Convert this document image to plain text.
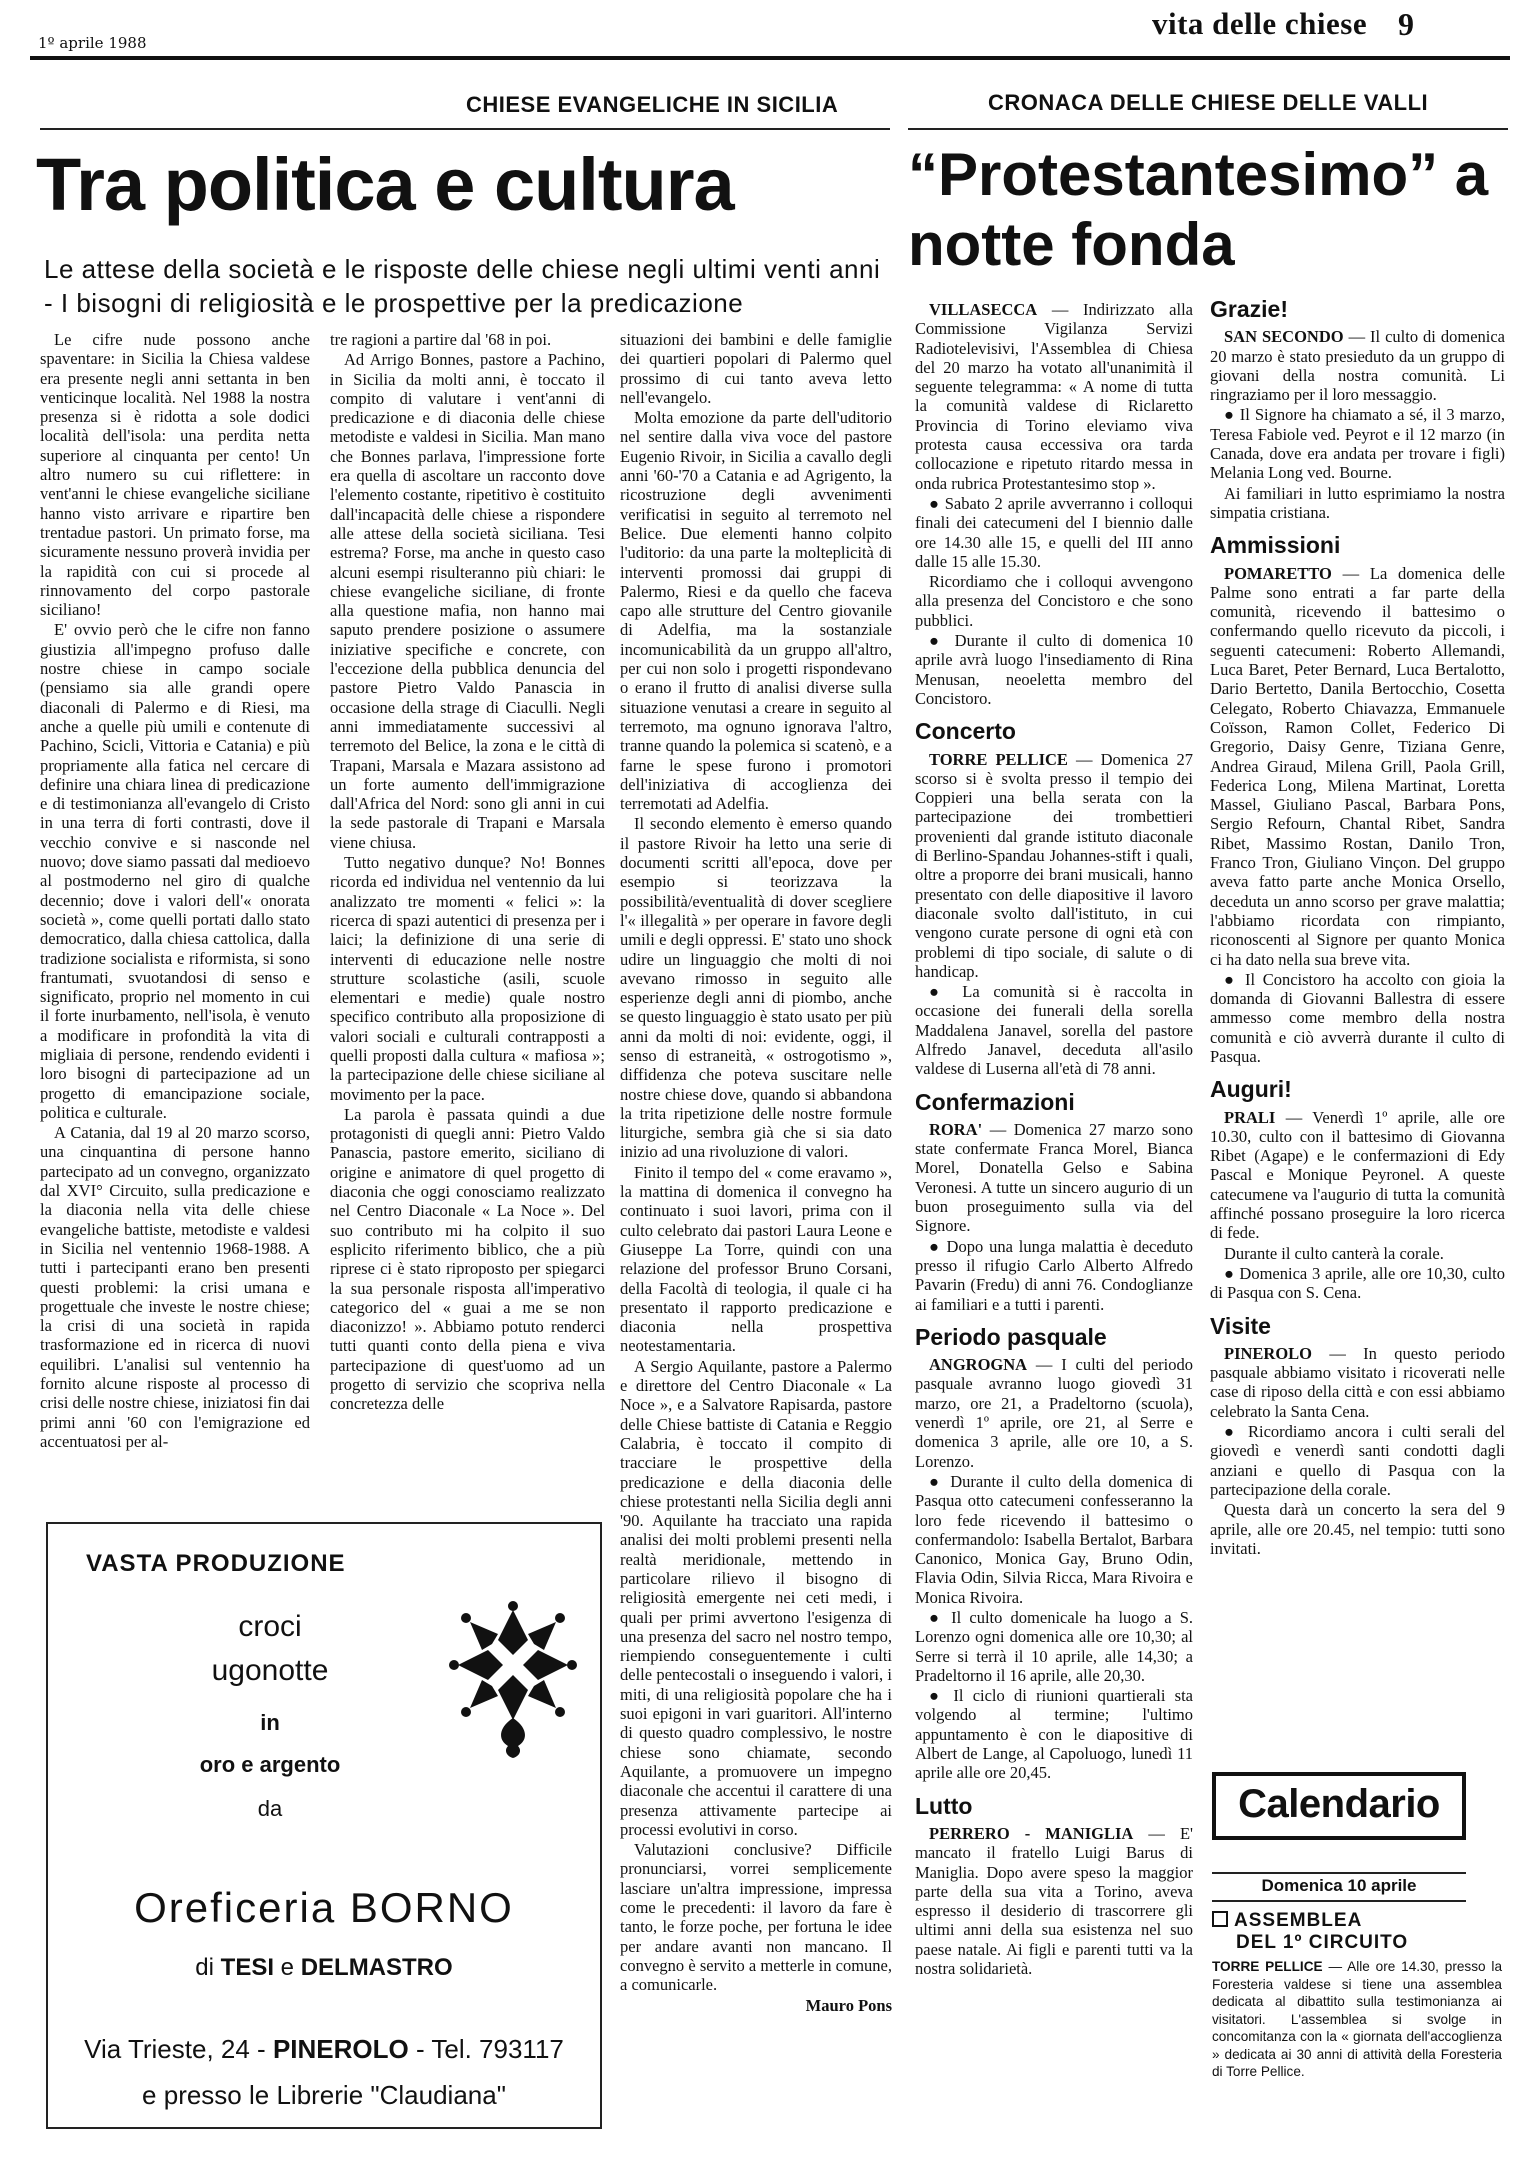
1º aprile 1988
vita delle chiese 9
CHIESE EVANGELICHE IN SICILIA	CRONACA DELLE CHIESE DELLE VALLI
Tra politica e cultura	“Protestantesimo” a notte fonda
Le attese della società e le risposte delle chiese negli ultimi venti anni - I bisogni di religiosità e le prospettive per la predicazione

Le cifre nude possono anche spaventare: in Sicilia la Chiesa valdese era presente negli anni settanta in ben venticinque località. Nel 1988 la nostra presenza si è ridotta a sole dodici località dell'isola: una perdita netta superiore al cinquanta per cento! Un altro numero su cui riflettere: in vent'anni le chiese evangeliche siciliane hanno visto arrivare e ripartire ben trentadue pastori. Un primato forse, ma sicuramente nessuno proverà invidia per la rapidità con cui si procede al rinnovamento del corpo pastorale siciliano!

E' ovvio però che le cifre non fanno giustizia all'impegno profuso dalle nostre chiese in campo sociale (pensiamo sia alle grandi opere diaconali di Palermo e di Riesi, ma anche a quelle più umili e contenute di Pachino, Scicli, Vittoria e Catania) e più propriamente alla fatica nel cercare di definire una chiara linea di predicazione e di testimonianza all'evangelo di Cristo in una terra di forti contrasti, dove il vecchio convive e si nasconde nel nuovo; dove siamo passati dal medioevo al postmoderno nel giro di qualche decennio; dove i valori dell'« onorata società », come quelli portati dallo stato democratico, dalla chiesa cattolica, dalla tradizione socialista e riformista, si sono frantumati, svuotandosi di senso e significato, proprio nel momento in cui il forte inurbamento, nell'isola, è venuto a modificare in profondità la vita di migliaia di persone, rendendo evidenti i loro bisogni di partecipazione ad un progetto di emancipazione sociale, politica e culturale.

A Catania, dal 19 al 20 marzo scorso, una cinquantina di persone hanno partecipato ad un convegno, organizzato dal XVI° Circuito, sulla predicazione e la diaconia nella vita delle chiese evangeliche battiste, metodiste e valdesi in Sicilia nel ventennio 1968-1988. A tutti i partecipanti erano ben presenti questi problemi: la crisi umana e progettuale che investe le nostre chiese; la crisi di una società in rapida trasformazione ed in ricerca di nuovi equilibri. L'analisi sul ventennio ha fornito alcune risposte al processo di crisi delle nostre chiese, iniziatosi fin dai primi anni '60 con l'emigrazione ed accentuatosi per al-

tre ragioni a partire dal '68 in poi.

Ad Arrigo Bonnes, pastore a Pachino, in Sicilia da molti anni, è toccato il compito di valutare i vent'anni di predicazione e di diaconia delle chiese metodiste e valdesi in Sicilia. Man mano che Bonnes parlava, l'impressione forte era quella di ascoltare un racconto dove l'elemento costante, ripetitivo è costituito dall'incapacità delle chiese a rispondere alle attese della società siciliana. Tesi estrema? Forse, ma anche in questo caso alcuni esempi risulteranno più chiari: le chiese evangeliche siciliane, di fronte alla questione mafia, non hanno mai saputo prendere posizione o assumere iniziative specifiche e concrete, con l'eccezione della pubblica denuncia del pastore Pietro Valdo Panascia in occasione della strage di Ciaculli. Negli anni immediatamente successivi al terremoto del Belice, la zona e le città di Trapani, Marsala e Mazara assistono ad un forte aumento dell'immigrazione dall'Africa del Nord: sono gli anni in cui la sede pastorale di Trapani e Marsala viene chiusa.

Tutto negativo dunque? No! Bonnes ricorda ed individua nel ventennio da lui analizzato tre momenti « felici »: la ricerca di spazi autentici di presenza per i laici; la definizione di una serie di interventi di educazione nelle nostre strutture scolastiche (asili, scuole elementari e medie) quale nostro specifico contributo alla proposizione di valori sociali e culturali contrapposti a quelli proposti dalla cultura « mafiosa »; la partecipazione delle chiese siciliane al movimento per la pace.

La parola è passata quindi a due protagonisti di quegli anni: Pietro Valdo Panascia, pastore emerito, siciliano di origine e animatore di quel progetto di diaconia che oggi conosciamo realizzato nel Centro Diaconale « La Noce ». Del suo contributo mi ha colpito il suo esplicito riferimento biblico, che a più riprese ci è stato riproposto per spiegarci la sua personale risposta all'imperativo categorico del « guai a me se non diaconizzo! ». Abbiamo potuto renderci tutti quanti conto della piena e viva partecipazione di quest'uomo ad un progetto di servizio che scopriva nella concretezza delle

situazioni dei bambini e delle famiglie dei quartieri popolari di Palermo quel prossimo di cui tanto aveva letto nell'evangelo.

Molta emozione da parte dell'uditorio nel sentire dalla viva voce del pastore Eugenio Rivoir, in Sicilia a cavallo degli anni '60-'70 a Catania e ad Agrigento, la ricostruzione degli avvenimenti verificatisi in seguito al terremoto nel Belice. Due elementi hanno colpito l'uditorio: da una parte la molteplicità di interventi promossi dai gruppi di Palermo, Riesi e da quello che faceva capo alle strutture del Centro giovanile di Adelfia, ma la sostanziale incomunicabilità da un gruppo all'altro, per cui non solo i progetti rispondevano o erano il frutto di analisi diverse sulla situazione venutasi a creare in seguito al terremoto, ma ognuno ignorava l'altro, tranne quando la polemica si scatenò, e a farne le spese furono i promotori dell'iniziativa di accoglienza dei terremotati ad Adelfia.

Il secondo elemento è emerso quando il pastore Rivoir ha letto una serie di documenti scritti all'epoca, dove per esempio si teorizzava la possibilità/eventualità di dover scegliere l'« illegalità » per operare in favore degli umili e degli oppressi. E' stato uno shock udire un linguaggio che molti di noi avevano rimosso in seguito alle esperienze degli anni di piombo, anche se questo linguaggio è stato usato per più anni da molti di noi: evidente, oggi, il senso di estraneità, « ostrogotismo », diffidenza che poteva suscitare nelle nostre chiese dove, quando si abbandona la trita ripetizione delle nostre formule liturgiche, sembra già che si sia dato inizio ad una rivoluzione di valori.

Finito il tempo del « come eravamo », la mattina di domenica il convegno ha continuato i suoi lavori, prima con il culto celebrato dai pastori Laura Leone e Giuseppe La Torre, quindi con una relazione del professor Bruno Corsani, della Facoltà di teologia, il quale ci ha presentato il rapporto predicazione e diaconia nella prospettiva neotestamentaria.

A Sergio Aquilante, pastore a Palermo e direttore del Centro Diaconale « La Noce », e a Salvatore Rapisarda, pastore delle Chiese battiste di Catania e Reggio Calabria, è toccato il compito di tracciare le prospettive della predicazione e della diaconia delle chiese protestanti nella Sicilia degli anni '90. Aquilante ha tracciato una rapida analisi dei molti problemi presenti nella realtà meridionale, mettendo in particolare rilievo il bisogno di religiosità emergente nei ceti medi, i quali per primi avvertono l'esigenza di una presenza del sacro nel nostro tempo, riempiendo conseguentemente i culti delle pentecostali o inseguendo i valori, i miti, di una religiosità popolare che ha i suoi epigoni in vari guaritori. All'interno di questo quadro complessivo, le nostre chiese sono chiamate, secondo Aquilante, a promuovere un impegno diaconale che accentui il carattere di una presenza attivamente partecipe ai processi evolutivi in corso.

Valutazioni conclusive? Difficile pronunciarsi, vorrei semplicemente lasciare un'altra impressione, impressa come le precedenti: il lavoro da fare è tanto, le forze poche, per fortuna le idee per andare avanti non mancano. Il convegno è servito a metterle in comune, a comunicarle.

Mauro Pons

VILLASECCA — Indirizzato alla Commissione Vigilanza Servizi Radiotelevisivi, l'Assemblea di Chiesa del 20 marzo ha votato all'unanimità il seguente telegramma: « A nome di tutta la comunità valdese di Riclaretto Provincia di Torino eleviamo viva protesta causa eccessiva ora tarda collocazione e ripetuto ritardo messa in onda rubrica Protestantesimo stop ».

● Sabato 2 aprile avverranno i colloqui finali dei catecumeni del I biennio dalle ore 14.30 alle 15, e quelli del III anno dalle 15 alle 15.30.

Ricordiamo che i colloqui avvengono alla presenza del Concistoro e che sono pubblici.

● Durante il culto di domenica 10 aprile avrà luogo l'insediamento di Rina Menusan, neoeletta membro del Concistoro.

Concerto

TORRE PELLICE — Domenica 27 scorso si è svolta presso il tempio dei Coppieri una bella serata con la partecipazione dei trombettieri provenienti dal grande istituto diaconale di Berlino-Spandau Johannes-stift i quali, oltre a proporre dei brani musicali, hanno presentato con delle diapositive il lavoro diaconale svolto dall'istituto, in cui vengono curate persone di ogni età con problemi di tipo sociale, di salute o di handicap.

● La comunità si è raccolta in occasione dei funerali della sorella Maddalena Janavel, sorella del pastore Alfredo Janavel, deceduta all'asilo valdese di Luserna all'età di 78 anni.

Confermazioni

RORA' — Domenica 27 marzo sono state confermate Franca Morel, Bianca Morel, Donatella Gelso e Sabina Veronesi. A tutte un sincero augurio di un buon proseguimento sulla via del Signore.

● Dopo una lunga malattia è deceduto presso il rifugio Carlo Alberto Alfredo Pavarin (Fredu) di anni 76. Condoglianze ai familiari e a tutti i parenti.

Periodo pasquale

ANGROGNA — I culti del periodo pasquale avranno luogo giovedì 31 marzo, ore 21, a Pradeltorno (scuola), venerdì 1º aprile, ore 21, al Serre e domenica 3 aprile, alle ore 10, a S. Lorenzo.

● Durante il culto della domenica di Pasqua otto catecumeni confesseranno la loro fede ricevendo il battesimo o confermandolo: Isabella Bertalot, Barbara Canonico, Monica Gay, Bruno Odin, Flavia Odin, Silvia Ricca, Mara Rivoira e Monica Rivoira.

● Il culto domenicale ha luogo a S. Lorenzo ogni domenica alle ore 10,30; al Serre si terrà il 10 aprile, alle 14,30; a Pradeltorno il 16 aprile, alle 20,30.

● Il ciclo di riunioni quartierali sta volgendo al termine; l'ultimo appuntamento è con le diapositive di Albert de Lange, al Capoluogo, lunedì 11 aprile alle ore 20,45.

Lutto

PERRERO - MANIGLIA — E' mancato il fratello Luigi Barus di Maniglia. Dopo avere speso la maggior parte della sua vita a Torino, aveva espresso il desiderio di trascorrere gli ultimi anni della sua esistenza nel suo paese natale. Ai figli e parenti tutti va la nostra solidarietà.

Grazie!

SAN SECONDO — Il culto di domenica 20 marzo è stato presieduto da un gruppo di giovani della nostra comunità. Li ringraziamo per il loro messaggio.

● Il Signore ha chiamato a sé, il 3 marzo, Teresa Fabiole ved. Peyrot e il 12 marzo (in Canada, dove era andata per trovare i figli) Melania Long ved. Bourne.

Ai familiari in lutto esprimiamo la nostra simpatia cristiana.

Ammissioni

POMARETTO — La domenica delle Palme sono entrati a far parte della comunità, ricevendo il battesimo o confermando quello ricevuto da piccoli, i seguenti catecumeni: Roberto Allemandi, Luca Baret, Peter Bernard, Luca Bertalotto, Dario Bertetto, Danila Bertocchio, Cosetta Celegato, Roberto Chiavazza, Emmanuele Coïsson, Ramon Collet, Federico Di Gregorio, Daisy Genre, Tiziana Genre, Andrea Giraud, Milena Grill, Paola Grill, Federica Long, Milena Martinat, Loretta Massel, Giuliano Pascal, Barbara Pons, Sergio Refourn, Chantal Ribet, Sandra Ribet, Massimo Rostan, Danilo Tron, Franco Tron, Giuliano Vinçon. Del gruppo aveva fatto parte anche Monica Orsello, deceduta un anno scorso per grave malattia; l'abbiamo ricordata con rimpianto, riconoscenti al Signore per quanto Monica ci ha dato nella sua breve vita.

● Il Concistoro ha accolto con gioia la domanda di Giovanni Ballestra di essere ammesso come membro della nostra comunità e ciò avverrà durante il culto di Pasqua.

Auguri!

PRALI — Venerdì 1º aprile, alle ore 10.30, culto con il battesimo di Giovanna Ribet (Agape) e le confermazioni di Edy Pascal e Monique Peyronel. A queste catecumene va l'augurio di tutta la comunità affinché possano proseguire la loro ricerca di fede.

Durante il culto canterà la corale.

● Domenica 3 aprile, alle ore 10,30, culto di Pasqua con S. Cena.

Visite

PINEROLO — In questo periodo pasquale abbiamo visitato i ricoverati nelle case di riposo della città e con essi abbiamo celebrato la Santa Cena.

● Ricordiamo ancora i culti serali del giovedì e venerdì santi condotti dagli anziani e quello di Pasqua con la partecipazione della corale.

Questa darà un concerto la sera del 9 aprile, alle ore 20.45, nel tempio: tutti sono invitati.

VASTA PRODUZIONE
croci
ugonotte
in
oro e argento
da
Oreficeria BORNO
di TESI e DELMASTRO
Via Trieste, 24 - PINEROLO - Tel. 793117
e presso le Librerie "Claudiana"
Calendario
Domenica 10 aprile
ASSEMBLEA
DEL 1º CIRCUITO
TORRE PELLICE — Alle ore 14.30, presso la Foresteria valdese si tiene una assemblea dedicata al dibattito sulla testimonianza ai visitatori. L'assemblea si svolge in concomitanza con la « giornata dell'accoglienza » dedicata ai 30 anni di attività della Foresteria di Torre Pellice.
